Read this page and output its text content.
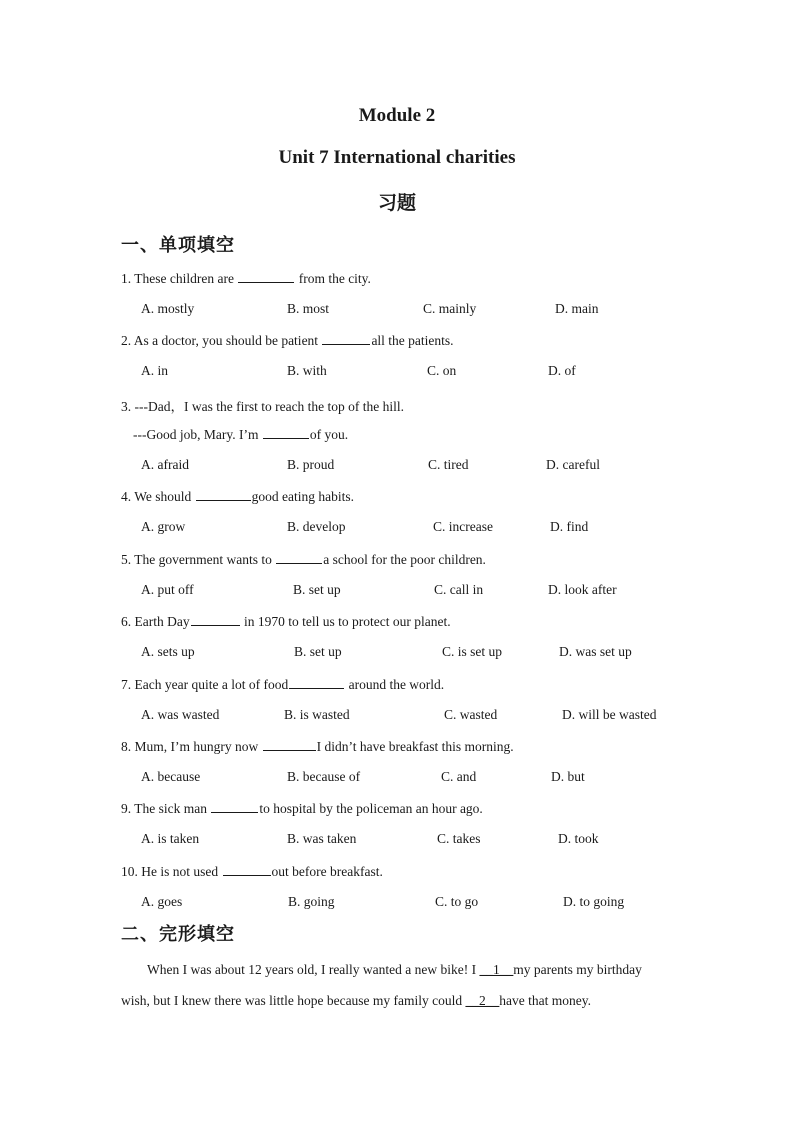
Module 2
Unit 7 International charities
习题
一、单项填空
1. These children are	from the city.
A. mostly	B. most	C. mainly	D. main
2. As a doctor, you should be patient	all the patients.
A. in	B. with	C. on	D. of
3. ---Dad，I was the first to reach the top of the hill.
---Good job, Mary. I’m	of you.
A. afraid	B. proud	C. tired	D. careful
4. We should	good eating habits.
A. grow	B. develop	C. increase	D. find
5. The government wants to	a school for the poor children.
A. put off	B. set up	C. call in	D. look after
6. Earth Day	in 1970 to tell us to protect our planet.
A. sets up	B. set up	C. is set up	D. was set up
7. Each year quite a lot of food	around the world.
A. was wasted	B. is wasted	C. wasted	D. will be wasted
8. Mum, I’m hungry now	I didn’t have breakfast this morning.
A. because	B. because of	C. and	D. but
9. The sick man	to hospital by the policeman an hour ago.
A. is taken	B. was taken	C. takes	D. took
10. He is not used	out before breakfast.
A. goes	B. going	C. to go	D. to going
二、完形填空
When I was about 12 years old, I really wanted a new bike! I __1__my parents my birthday
wish, but I knew there was little hope because my family could __2__have that money.
